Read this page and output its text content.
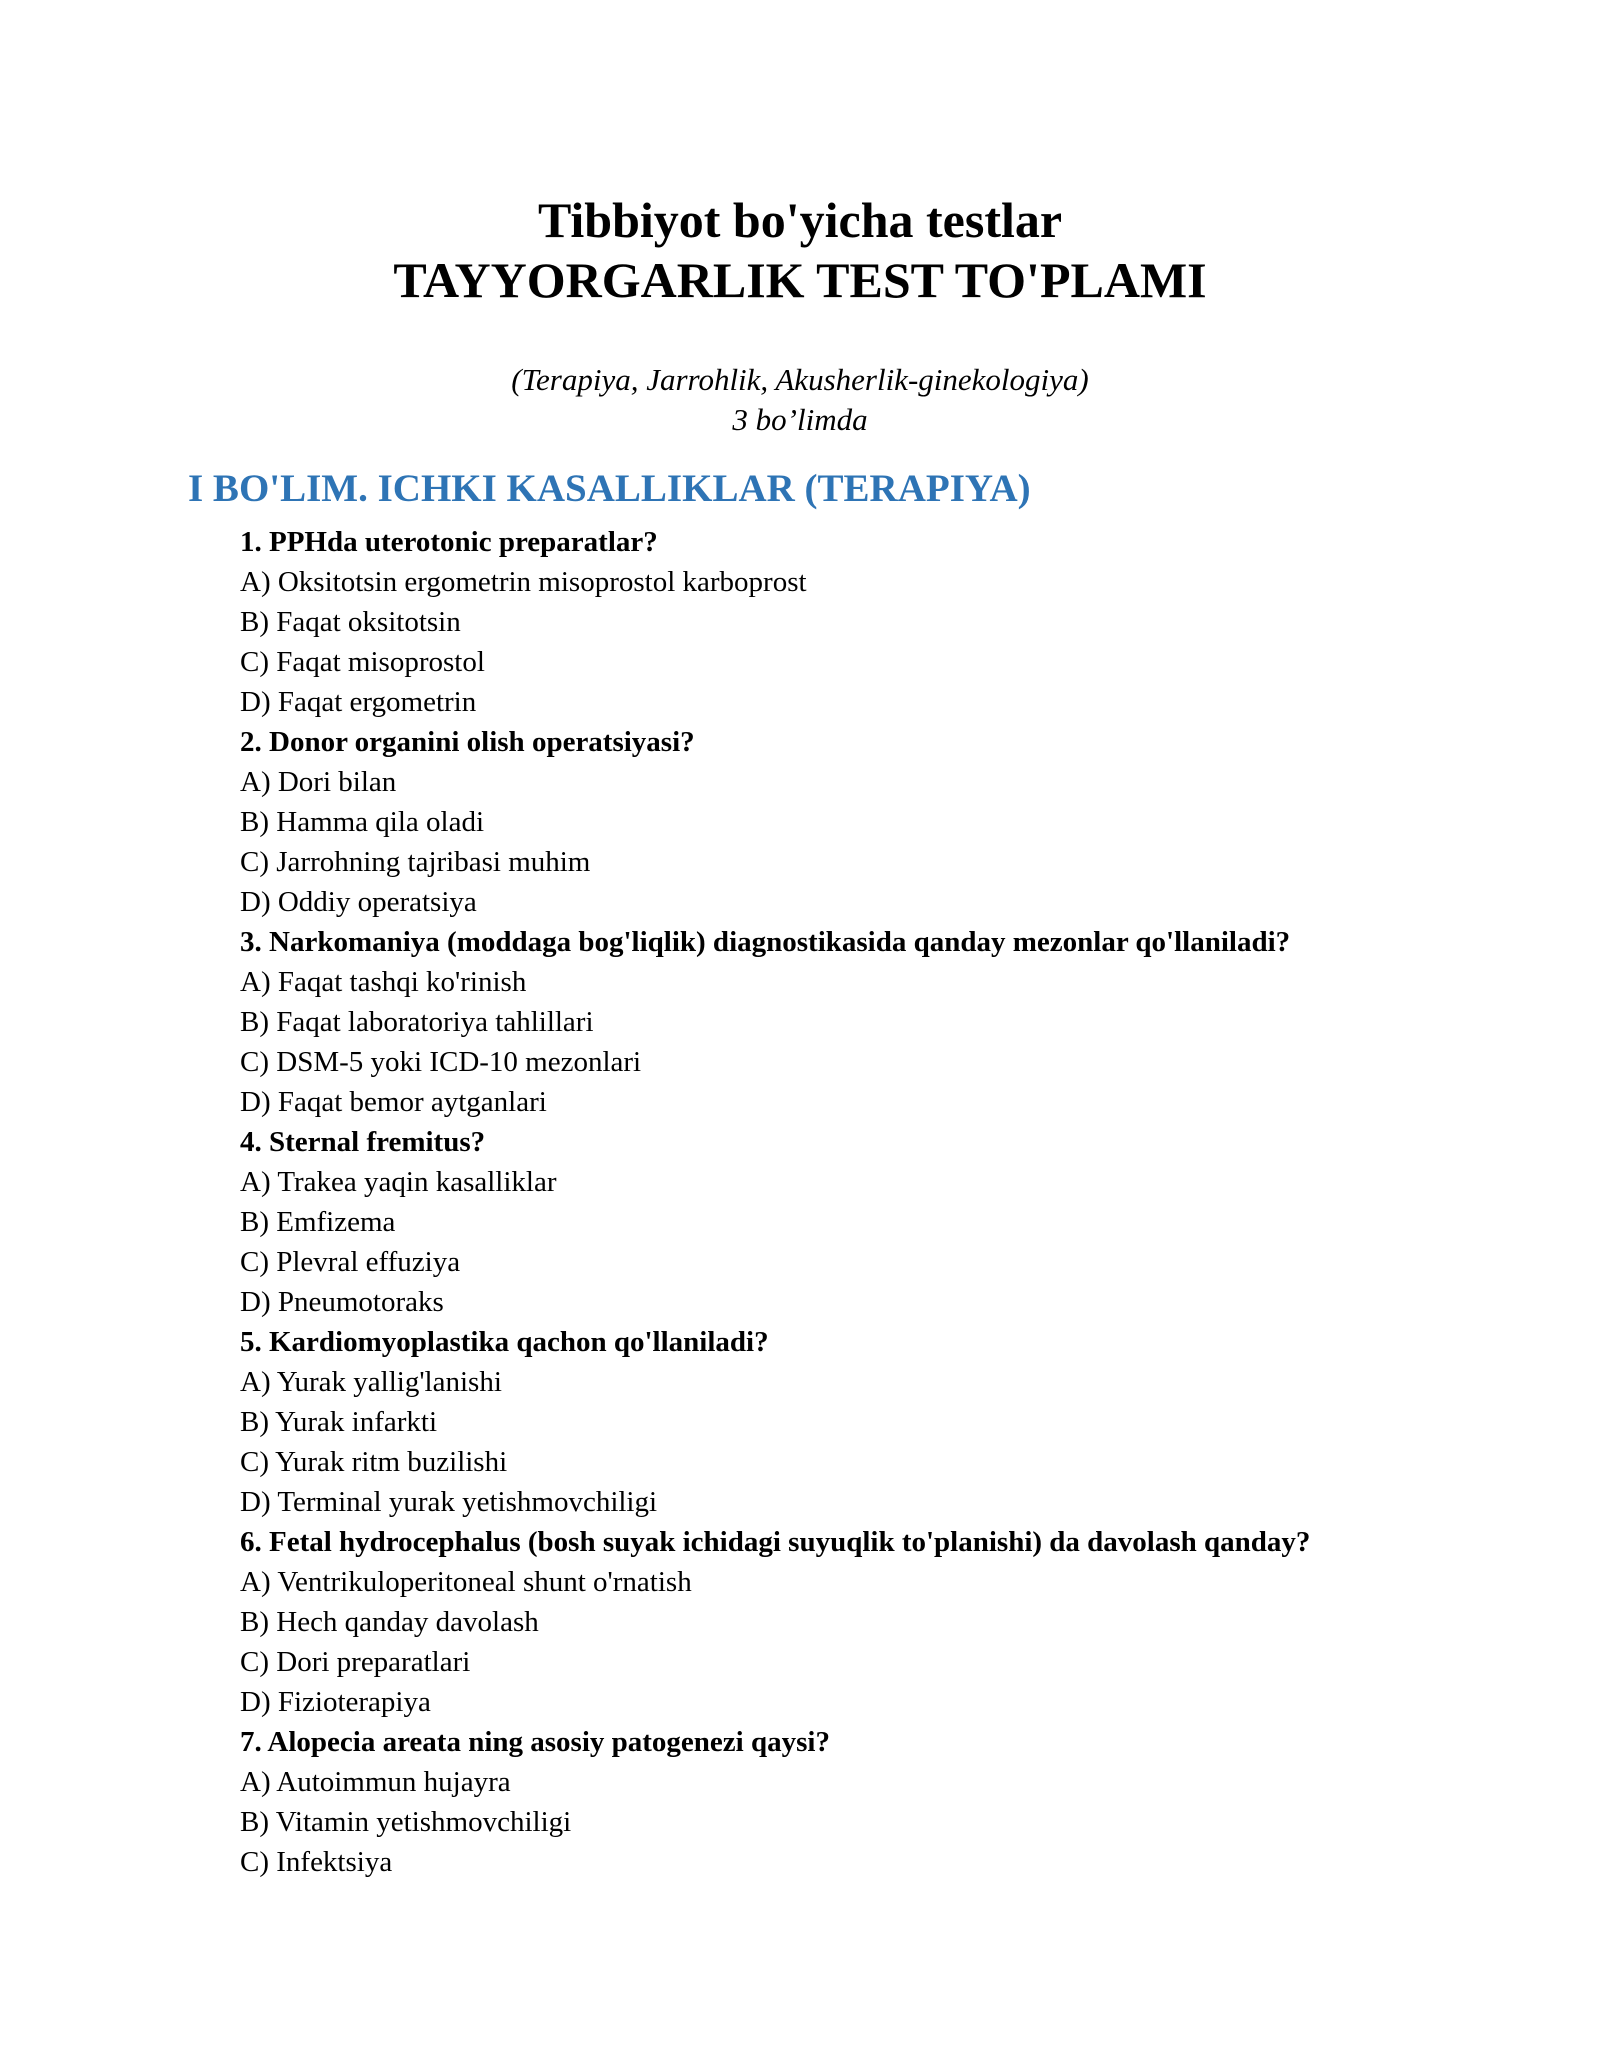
Tibbiyot bo'yicha testlar

TAYYORGARLIK TEST TO'PLAMI

(Terapiya, Jarrohlik, Akusherlik-ginekologiya)

3 bo’limda

I BO'LIM. ICHKI KASALLIKLAR (TERAPIYA)
1. PPHda uterotonic preparatlar?
A) Oksitotsin ergometrin misoprostol karboprost
B) Faqat oksitotsin
C) Faqat misoprostol
D) Faqat ergometrin
2. Donor organini olish operatsiyasi?
A) Dori bilan
B) Hamma qila oladi
C) Jarrohning tajribasi muhim
D) Oddiy operatsiya
3. Narkomaniya (moddaga bog'liqlik) diagnostikasida qanday mezonlar qo'llaniladi?
A) Faqat tashqi ko'rinish
B) Faqat laboratoriya tahlillari
C) DSM-5 yoki ICD-10 mezonlari
D) Faqat bemor aytganlari
4. Sternal fremitus?
A) Trakea yaqin kasalliklar
B) Emfizema
C) Plevral effuziya
D) Pneumotoraks
5. Kardiomyoplastika qachon qo'llaniladi?
A) Yurak yallig'lanishi
B) Yurak infarkti
C) Yurak ritm buzilishi
D) Terminal yurak yetishmovchiligi
6. Fetal hydrocephalus (bosh suyak ichidagi suyuqlik to'planishi) da davolash qanday?
A) Ventrikuloperitoneal shunt o'rnatish
B) Hech qanday davolash
C) Dori preparatlari
D) Fizioterapiya
7. Alopecia areata ning asosiy patogenezi qaysi?
A) Autoimmun hujayra
B) Vitamin yetishmovchiligi
C) Infektsiya
